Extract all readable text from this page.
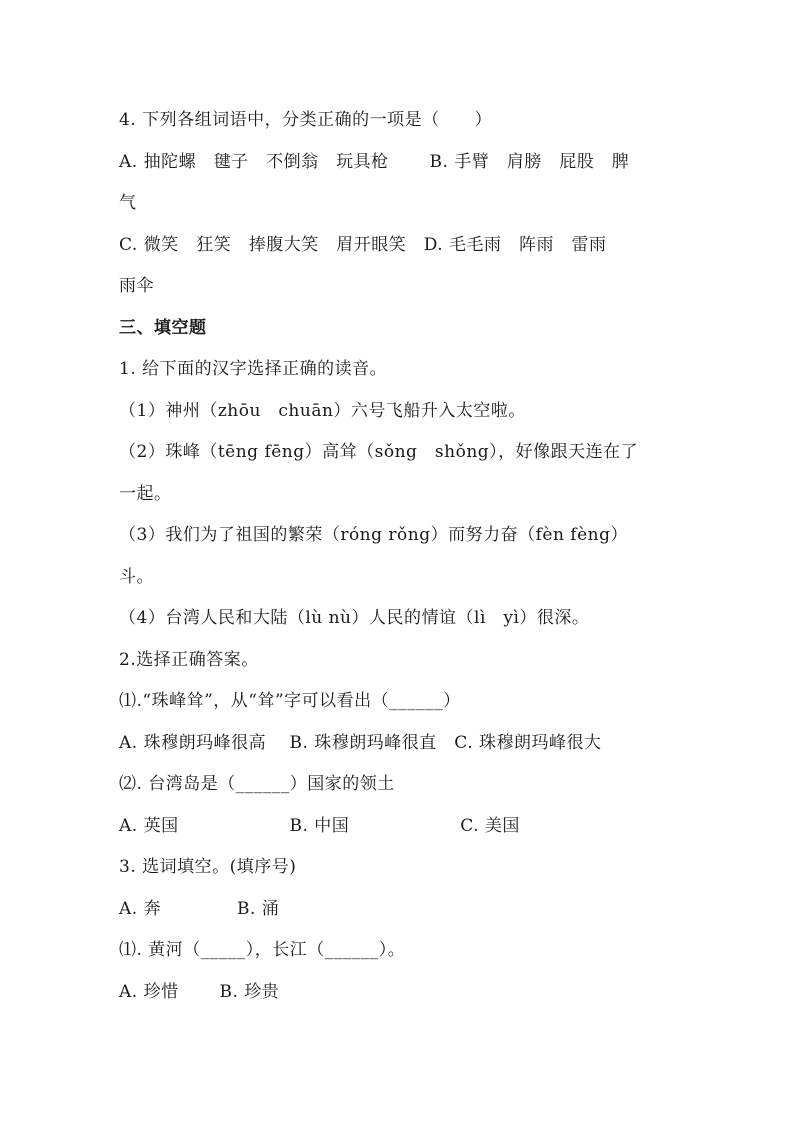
4. 下列各组词语中，分类正确的一项是（　　）
A. 抽陀螺　毽子　不倒翁　玩具枪　　 B. 手臂　肩膀　屁股　脾
气
C. 微笑　狂笑　捧腹大笑　眉开眼笑　D. 毛毛雨　阵雨　雷雨
雨伞
三、填空题
1. 给下面的汉字选择正确的读音。
（1）神州（zhōu　chuān）六号飞船升入太空啦。
（2）珠峰（tēng fēng）高耸（sǒng　shǒng），好像跟天连在了
一起。
（3）我们为了祖国的繁荣（róng rǒng）而努力奋（fèn fèng）
斗。
（4）台湾人民和大陆（lù nù）人民的情谊（lì　yì）很深。
2.选择正确答案。
⑴.“珠峰耸”，从“耸”字可以看出（______）
A. 珠穆朗玛峰很高　 B. 珠穆朗玛峰很直　C. 珠穆朗玛峰很大
⑵. 台湾岛是（______）国家的领土
A. 英国　　　　　　 B. 中国　　　　　　 C. 美国
3. 选词填空。(填序号)
A. 奔　　　　 B. 涌
⑴. 黄河（_____），长江（______）。
A. 珍惜　　 B. 珍贵
